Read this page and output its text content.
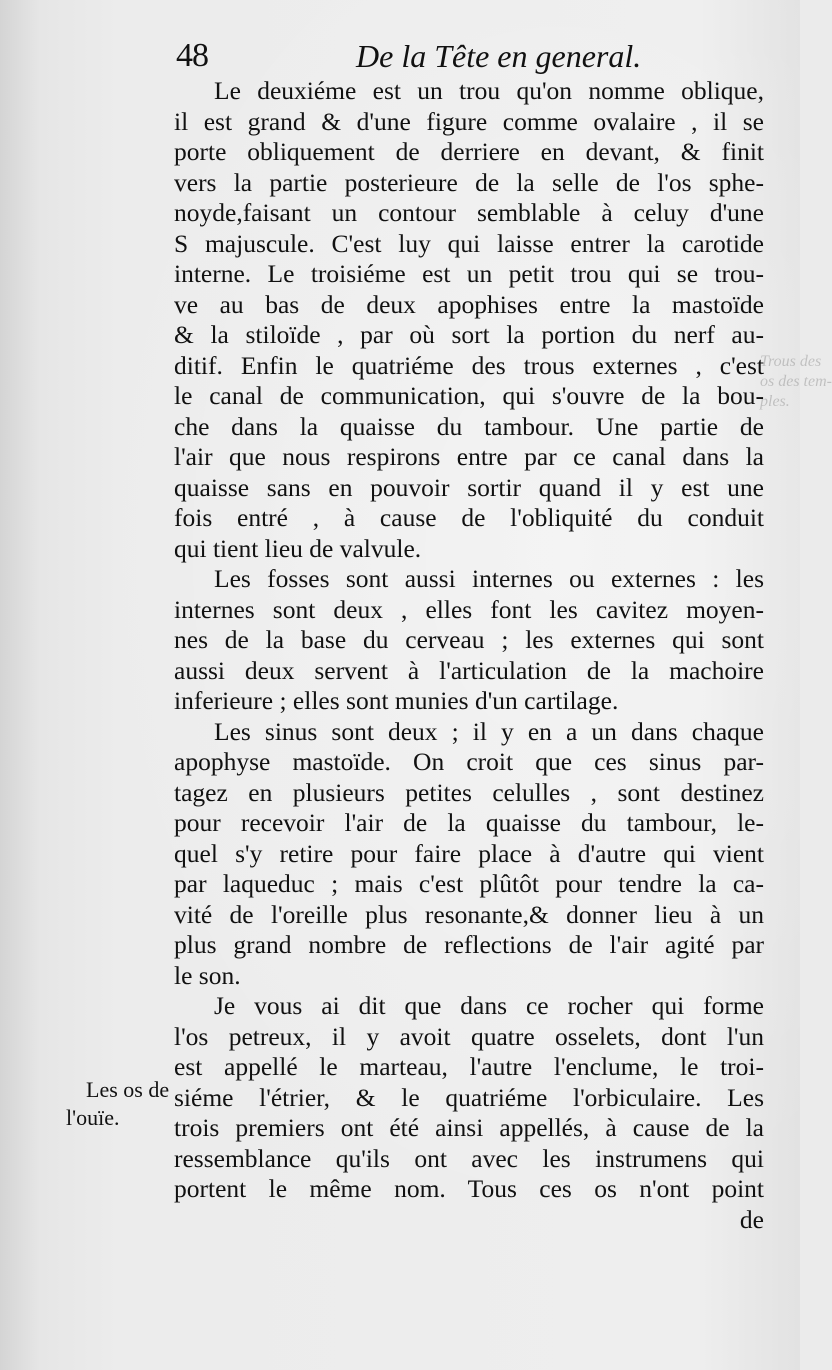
48	De la Tête en general.
Le deuxiéme est un trou qu'on nomme oblique,
il est grand & d'une figure comme ovalaire , il se
porte obliquement de derriere en devant, & finit
vers la partie posterieure de la selle de l'os sphe-
noyde,faisant un contour semblable à celuy d'une
S majuscule. C'est luy qui laisse entrer la carotide
interne. Le troisiéme est un petit trou qui se trou-
ve au bas de deux apophises entre la mastoïde
& la stiloïde , par où sort la portion du nerf au-
ditif. Enfin le quatriéme des trous externes , c'est
le canal de communication, qui s'ouvre de la bou-
che dans la quaisse du tambour. Une partie de
l'air que nous respirons entre par ce canal dans la
quaisse sans en pouvoir sortir quand il y est une
fois entré , à cause de l'obliquité du conduit
qui tient lieu de valvule.
Les fosses sont aussi internes ou externes : les
internes sont deux , elles font les cavitez moyen-
nes de la base du cerveau ; les externes qui sont
aussi deux servent à l'articulation de la machoire
inferieure ; elles sont munies d'un cartilage.
Les sinus sont deux ; il y en a un dans chaque
apophyse mastoïde. On croit que ces sinus par-
tagez en plusieurs petites celulles , sont destinez
pour recevoir l'air de la quaisse du tambour, le-
quel s'y retire pour faire place à d'autre qui vient
par laqueduc ; mais c'est plûtôt pour tendre la ca-
vité de l'oreille plus resonante,& donner lieu à un
plus grand nombre de reflections de l'air agité par
le son.
Je vous ai dit que dans ce rocher qui forme
l'os petreux, il y avoit quatre osselets, dont l'un
est appellé le marteau, l'autre l'enclume, le troi-
siéme l'étrier, & le quatriéme l'orbiculaire. Les
trois premiers ont été ainsi appellés, à cause de la
ressemblance qu'ils ont avec les instrumens qui
portent le même nom. Tous ces os n'ont point
de
Les os de
l'ouïe.
Trous des
os des tem-
ples.
